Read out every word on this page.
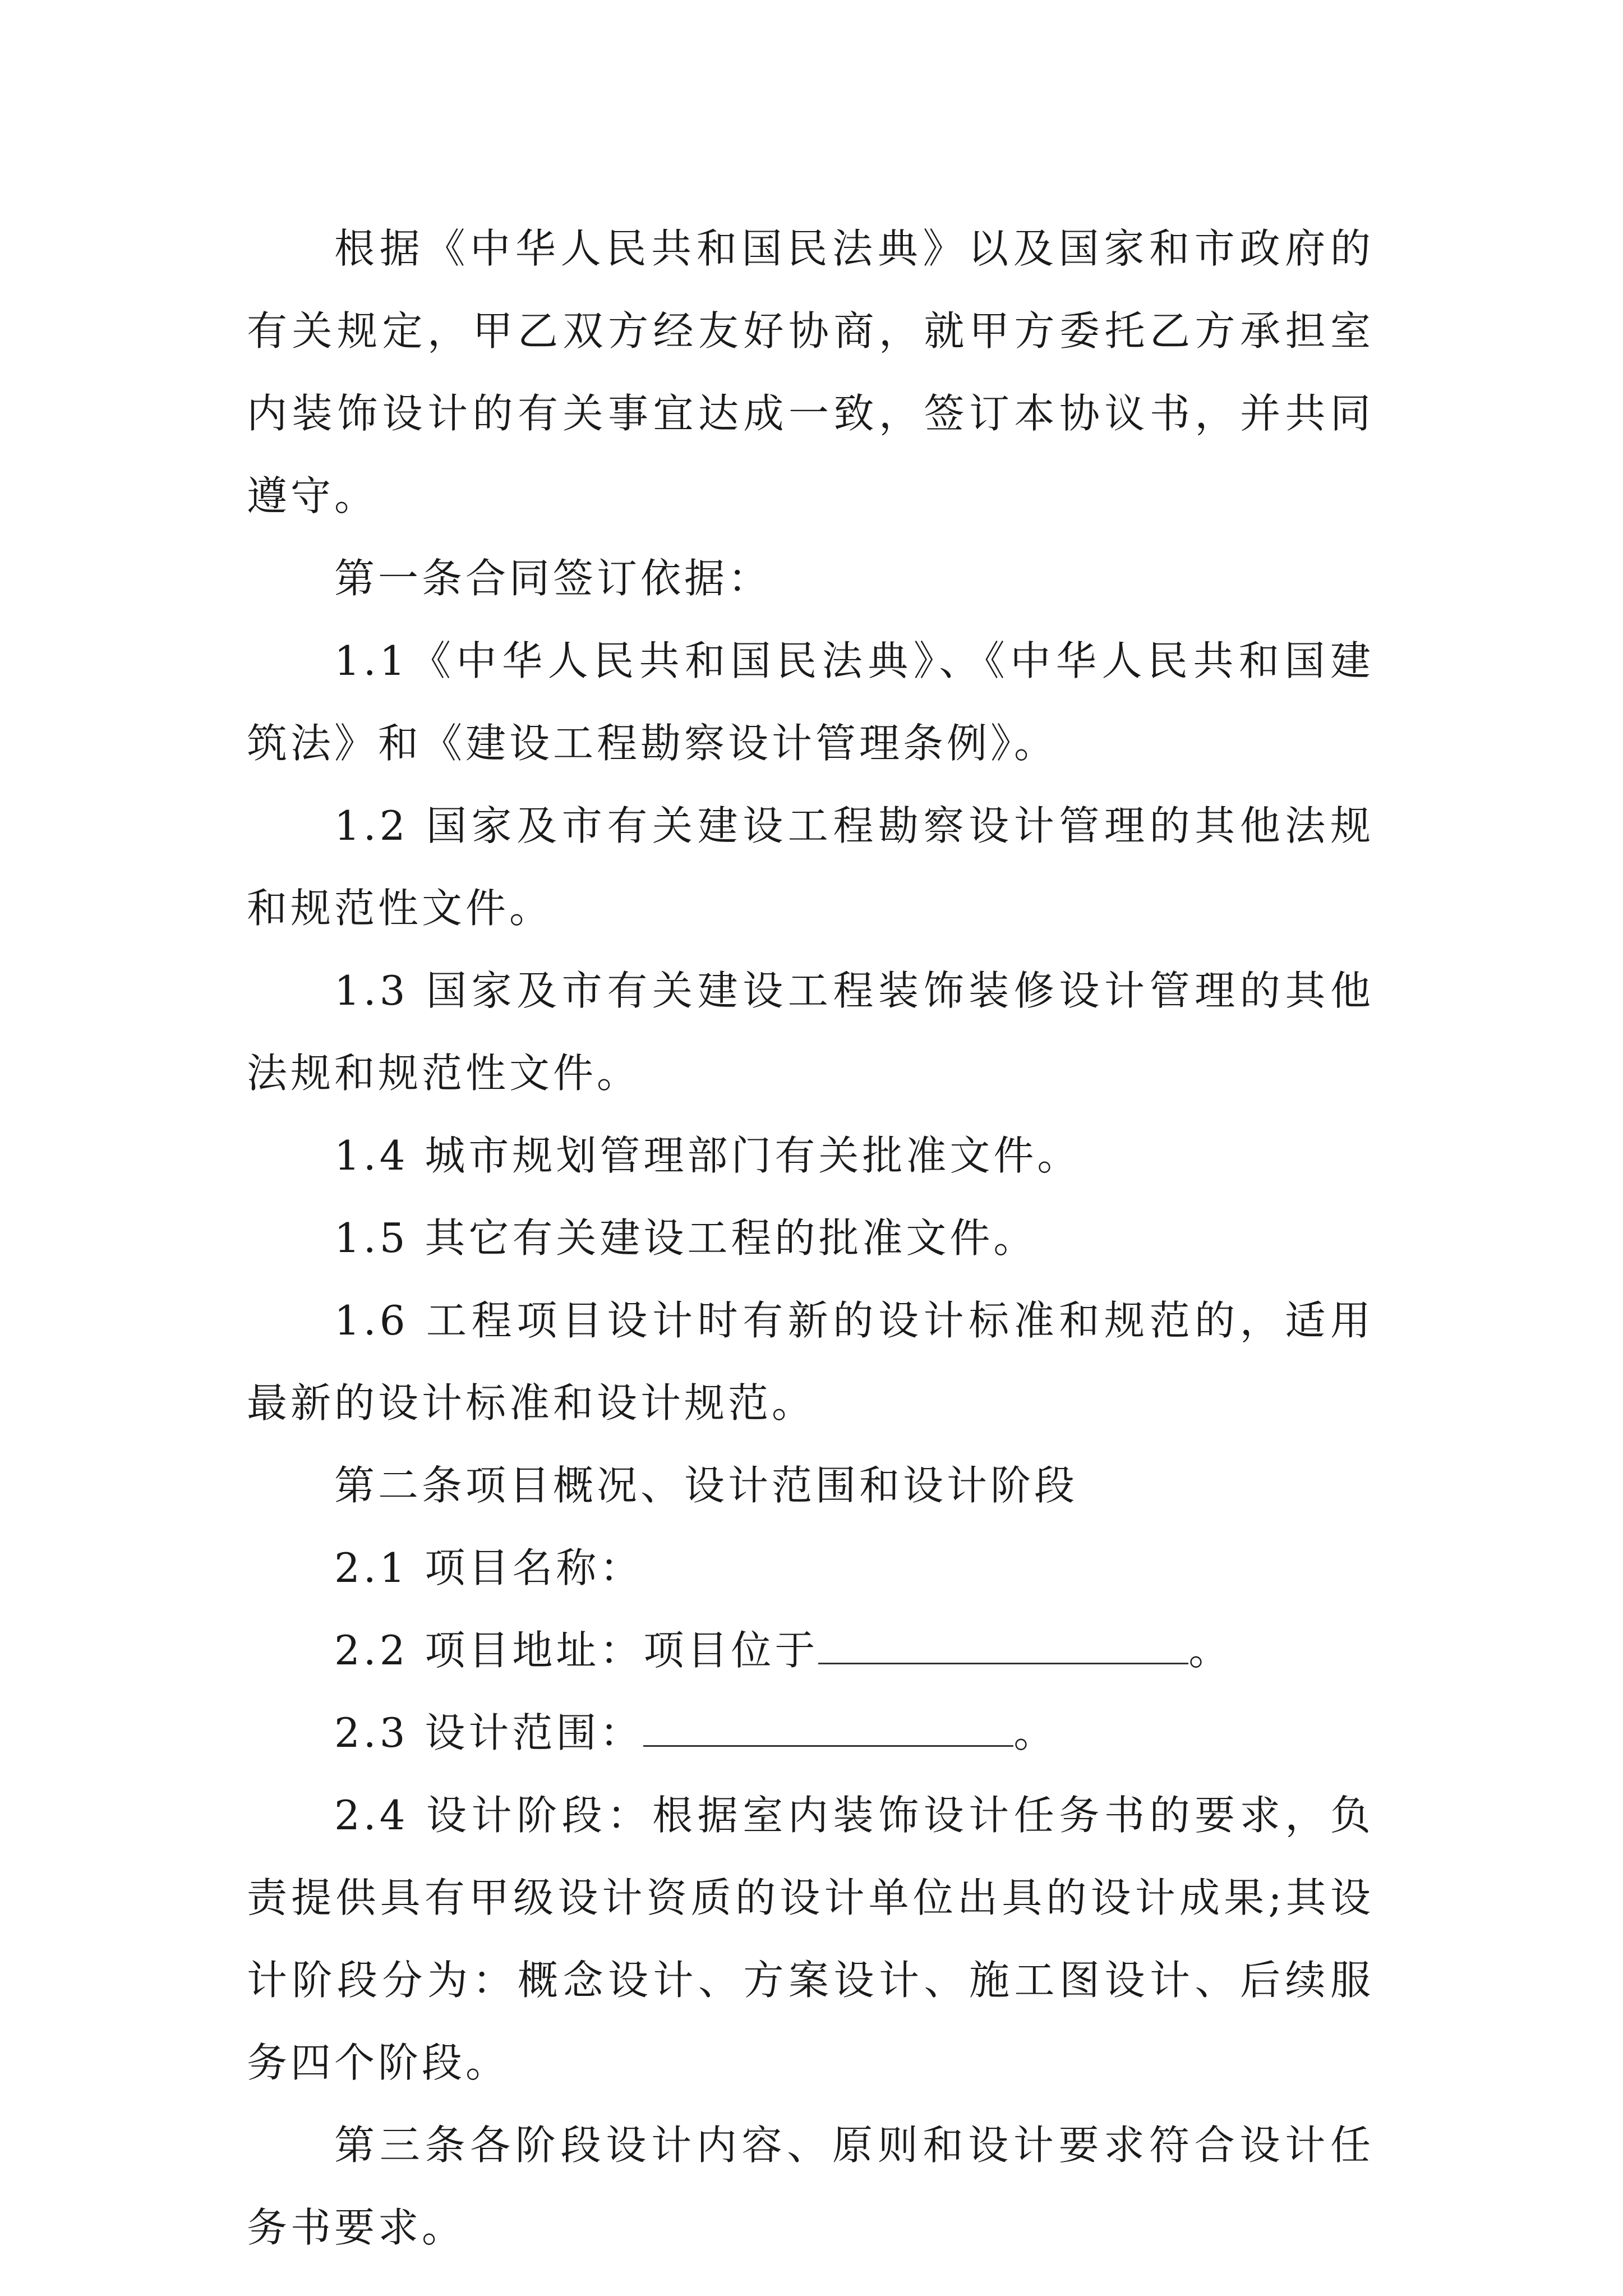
根据《中华人民共和国民法典》以及国家和市政府的有关规定，甲乙双方经友好协商，就甲方委托乙方承担室内装饰设计的有关事宜达成一致，签订本协议书，并共同遵守。

第一条合同签订依据：

1.1《中华人民共和国民法典》、《中华人民共和国建筑法》和《建设工程勘察设计管理条例》。

1.2 国家及市有关建设工程勘察设计管理的其他法规和规范性文件。

1.3 国家及市有关建设工程装饰装修设计管理的其他法规和规范性文件。

1.4 城市规划管理部门有关批准文件。

1.5 其它有关建设工程的批准文件。

1.6 工程项目设计时有新的设计标准和规范的，适用最新的设计标准和设计规范。

第二条项目概况、设计范围和设计阶段

2.1 项目名称：

2.2 项目地址：项目位于	。

2.3 设计范围：	。

2.4 设计阶段：根据室内装饰设计任务书的要求，负责提供具有甲级设计资质的设计单位出具的设计成果;其设计阶段分为：概念设计、方案设计、施工图设计、后续服务四个阶段。

第三条各阶段设计内容、原则和设计要求符合设计任务书要求。
